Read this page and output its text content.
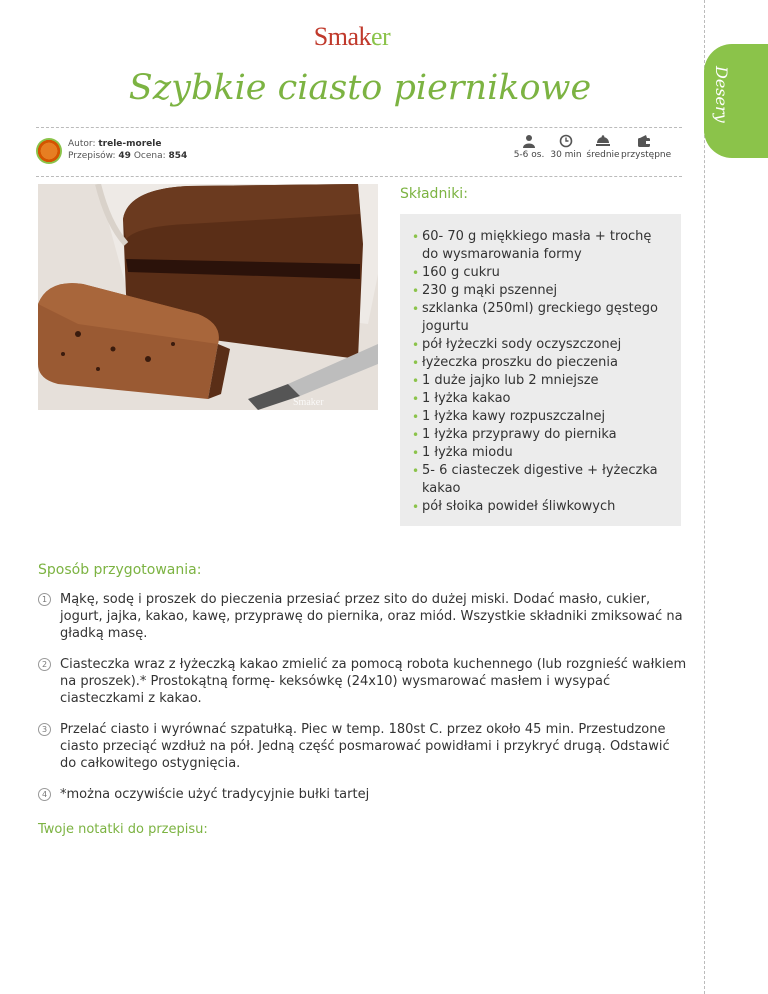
Desery
Smaker
Szybkie ciasto piernikowe
Autor: trele-morele
Przepisów: 49 Ocena: 854	5-6 os. 30 min średnie przystępne
Smaker
Składniki:
• 60- 70 g miękkiego masła + trochę do wysmarowania formy
• 160 g cukru
• 230 g mąki pszennej
• szklanka (250ml) greckiego gęstego jogurtu
• pół łyżeczki sody oczyszczonej
• łyżeczka proszku do pieczenia
• 1 duże jajko lub 2 mniejsze
• 1 łyżka kakao
• 1 łyżka kawy rozpuszczalnej
• 1 łyżka przyprawy do piernika
• 1 łyżka miodu
• 5- 6 ciasteczek digestive + łyżeczka kakao
• pół słoika powideł śliwkowych
Sposób przygotowania:
1 Mąkę, sodę i proszek do pieczenia przesiać przez sito do dużej miski. Dodać masło, cukier, jogurt, jajka, kakao, kawę, przyprawę do piernika, oraz miód. Wszystkie składniki zmiksować na gładką masę.
2 Ciasteczka wraz z łyżeczką kakao zmielić za pomocą robota kuchennego (lub rozgnieść wałkiem na proszek).* Prostokątną formę- keksówkę (24x10) wysmarować masłem i wysypać ciasteczkami z kakao.
3 Przelać ciasto i wyrównać szpatułką. Piec w temp. 180st C. przez około 45 min. Przestudzone ciasto przeciąć wzdłuż na pół. Jedną część posmarować powidłami i przykryć drugą. Odstawić do całkowitego ostygnięcia.
4 *można oczywiście użyć tradycyjnie bułki tartej
Twoje notatki do przepisu:
